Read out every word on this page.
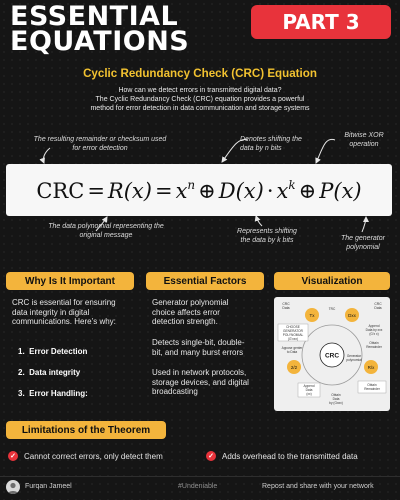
ESSENTIAL
EQUATIONS
PART 3
Cyclic Redundancy Check (CRC) Equation
How can we detect errors in transmitted digital data?
The Cyclic Redundancy Check (CRC) equation provides a powerful
method for error detection in data communication and storage systems
The resulting remainder or checksum used
for error detection
Denotes shifting the
data by n bits
Bitwise XOR
operation
CRC = $R(x) = x^n$ ⊕ $D(x) \cdot x^k$ ⊕ P(x)
The data polynomial representing the
original message	Represents shifting
the data by k bits	The generator
polynomial
Why Is It Important
CRC is essential for ensuring
data integrity in digital
communications. Here’s why:
1. Error Detection
2. Data integrity
3. Error Handling:
Essential Factors
Generator polynomial
choice affects error
detection strength.
Detects single-bit, double-
bit, and many burst errors
Used in network protocols,
storage devices, and digital
broadcasting
Visualization
CRC
Tx	Dxx
2/2	R/x
TRC
CRC
Data
CRC
Data
CHOOSE
GENERATOR
POLYNOMIAL
(G'xxx)
Append
Data by xxx
(G'x x)
Obtain
Remainder
Appose genter
to Data
Generator
polynomial
Append
Data
(xx)	Obtain
Data
by (Gxxx)
Obtain
Remainder
Limitations of the Theorem
✓ Cannot correct errors, only detect them	✓ Adds overhead to the transmitted data
Furqan Jameel	#Undeniable	Repost and share with your network
